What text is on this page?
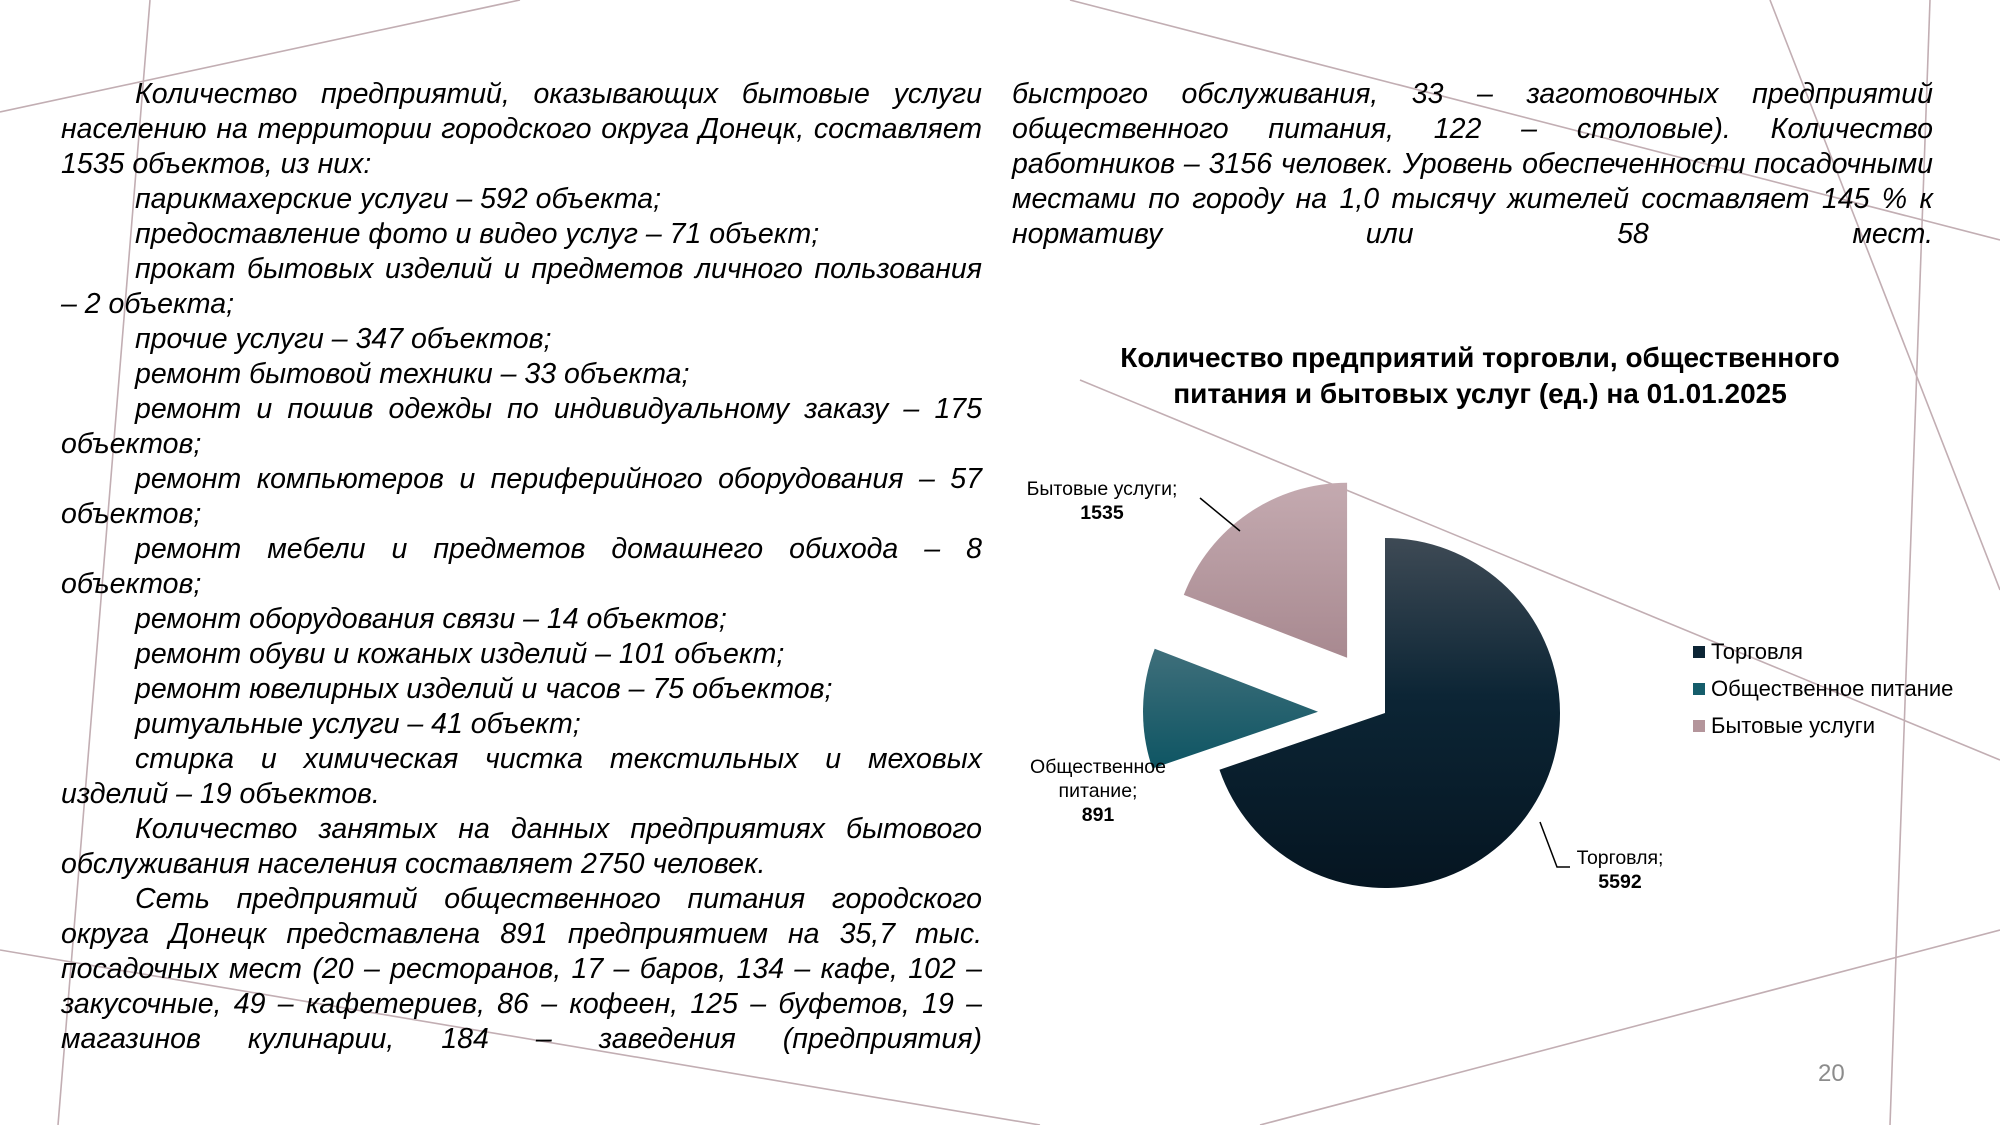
Количество предприятий, оказывающих бытовые услуги населению на территории городского округа Донецк, составляет 1535 объектов, из них:

парикмахерские услуги – 592 объекта;

предоставление фото и видео услуг – 71 объект;

прокат бытовых изделий и предметов личного пользования – 2 объекта;

прочие услуги – 347 объектов;

ремонт бытовой техники – 33 объекта;

ремонт и пошив одежды по индивидуальному заказу – 175 объектов;

ремонт компьютеров и периферийного оборудования – 57 объектов;

ремонт мебели и предметов домашнего обихода – 8 объектов;

ремонт оборудования связи – 14 объектов;

ремонт обуви и кожаных изделий – 101 объект;

ремонт ювелирных изделий и часов – 75 объектов;

ритуальные услуги – 41 объект;

стирка и химическая чистка текстильных и меховых изделий – 19 объектов.

Количество занятых на данных предприятиях бытового обслуживания населения составляет 2750 человек.

Сеть предприятий общественного питания городского округа Донецк представлена 891 предприятием на 35,7 тыс. посадочных мест (20 – ресторанов, 17 – баров, 134 – кафе, 102 – закусочные, 49 – кафетериев, 86 – кофеен, 125 – буфетов, 19 – магазинов кулинарии, 184 – заведения (предприятия)

быстрого обслуживания, 33 – заготовочных предприятий общественного питания, 122 – столовые). Количество работников – 3156 человек. Уровень обеспеченности посадочными местами по городу на 1,0 тысячу жителей составляет 145 % к нормативу или 58 мест.

Количество предприятий торговли, общественного питания и бытовых услуг (ед.) на 01.01.2025
Торговля; 5592
Общественное питание; 891
Бытовые услуги; 1535
Торговля
Общественное питание
Бытовые услуги
20
